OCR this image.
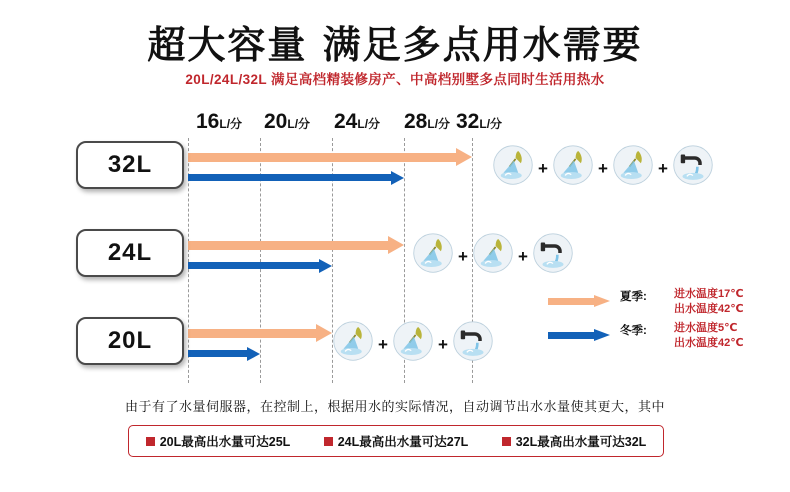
超大容量 满足多点用水需要
20L/24L/32L 满足高档精装修房产、中高档别墅多点同时生活用热水
16L/分 20L/分 24L/分 28L/分 32L/分
32L	+	+	+
24L	+	+
20L	+	+
夏季: 进水温度17℃
出水温度42℃
冬季: 进水温度5℃
出水温度42℃
由于有了水量伺服器，在控制上，根据用水的实际情况，自动调节出水水量使其更大，其中
20L最高出水量可达25L	24L最高出水量可达27L	32L最高出水量可达32L
